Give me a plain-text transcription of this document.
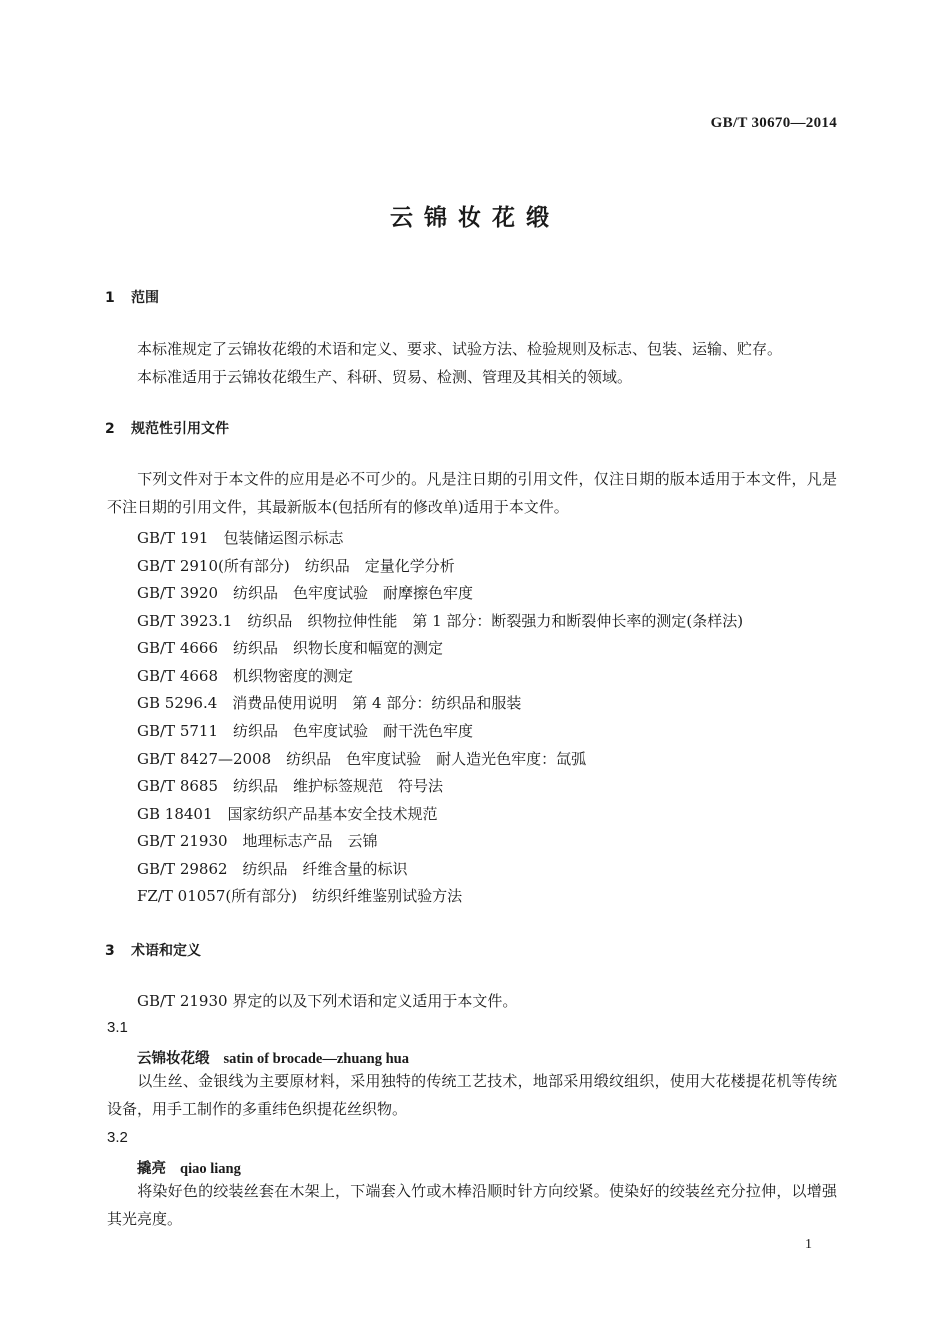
GB/T 30670—2014
云锦妆花缎
1 范围
本标准规定了云锦妆花缎的术语和定义、要求、试验方法、检验规则及标志、包装、运输、贮存。
本标准适用于云锦妆花缎生产、科研、贸易、检测、管理及其相关的领域。
2 规范性引用文件
下列文件对于本文件的应用是必不可少的。凡是注日期的引用文件，仅注日期的版本适用于本文件，凡是不注日期的引用文件，其最新版本(包括所有的修改单)适用于本文件。
GB/T 191　包装储运图示标志
GB/T 2910(所有部分)　纺织品　定量化学分析
GB/T 3920　纺织品　色牢度试验　耐摩擦色牢度
GB/T 3923.1　纺织品　织物拉伸性能　第 1 部分：断裂强力和断裂伸长率的测定(条样法)
GB/T 4666　纺织品　织物长度和幅宽的测定
GB/T 4668　机织物密度的测定
GB 5296.4　消费品使用说明　第 4 部分：纺织品和服装
GB/T 5711　纺织品　色牢度试验　耐干洗色牢度
GB/T 8427—2008　纺织品　色牢度试验　耐人造光色牢度：氙弧
GB/T 8685　纺织品　维护标签规范　符号法
GB 18401　国家纺织产品基本安全技术规范
GB/T 21930　地理标志产品　云锦
GB/T 29862　纺织品　纤维含量的标识
FZ/T 01057(所有部分)　纺织纤维鉴别试验方法
3 术语和定义
GB/T 21930 界定的以及下列术语和定义适用于本文件。
3.1
云锦妆花缎 satin of brocade—zhuang hua
以生丝、金银线为主要原材料，采用独特的传统工艺技术，地部采用缎纹组织，使用大花楼提花机等传统设备，用手工制作的多重纬色织提花丝织物。
3.2
撬亮 qiao liang
将染好色的绞装丝套在木架上，下端套入竹或木棒沿顺时针方向绞紧。使染好的绞装丝充分拉伸，以增强其光亮度。
1
